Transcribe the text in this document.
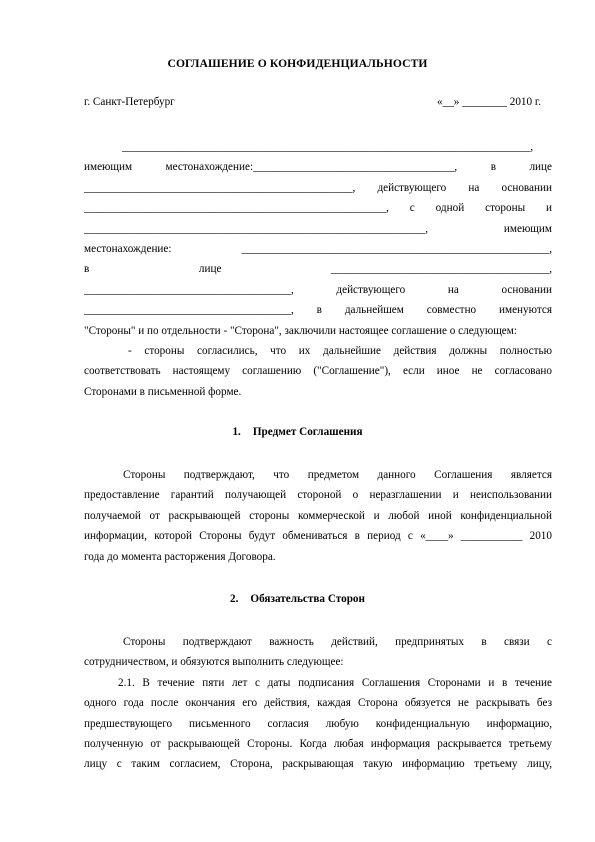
СОГЛАШЕНИЕ О КОНФИДЕНЦИАЛЬНОСТИ
г. Санкт-Петербург	«__» ________ 2010 г.
_________________________________________________________________________,
имеющим местонахождение:____________________________________, в лице
________________________________________________, действующего на основании
______________________________________________________, с одной стороны и
_____________________________________________________________, имеющим
местонахождение: _______________________________________________________,
в лице _______________________________________,
_____________________________________, действующего на основании
_____________________________________, в дальнейшем совместно именуются
"Стороны" и по отдельности - "Сторона", заключили настоящее соглашение о следующем:
- стороны согласились, что их дальнейшие действия должны полностью
соответствовать настоящему соглашению ("Соглашение"), если иное не согласовано
Сторонами в письменной форме.
1. Предмет Соглашения
Стороны подтверждают, что предметом данного Соглашения является
предоставление гарантий получающей стороной о неразглашении и неиспользовании
получаемой от раскрывающей стороны коммерческой и любой иной конфиденциальной
информации, которой Стороны будут обмениваться в период с «____» ___________ 2010
года до момента расторжения Договора.
2. Обязательства Сторон
Стороны подтверждают важность действий, предпринятых в связи с
сотрудничеством, и обязуются выполнить следующее:
2.1. В течение пяти лет с даты подписания Соглашения Сторонами и в течение
одного года после окончания его действия, каждая Сторона обязуется не раскрывать без
предшествующего письменного согласия любую конфиденциальную информацию,
полученную от раскрывающей Стороны. Когда любая информация раскрывается третьему
лицу с таким согласием, Сторона, раскрывающая такую информацию третьему лицу,
